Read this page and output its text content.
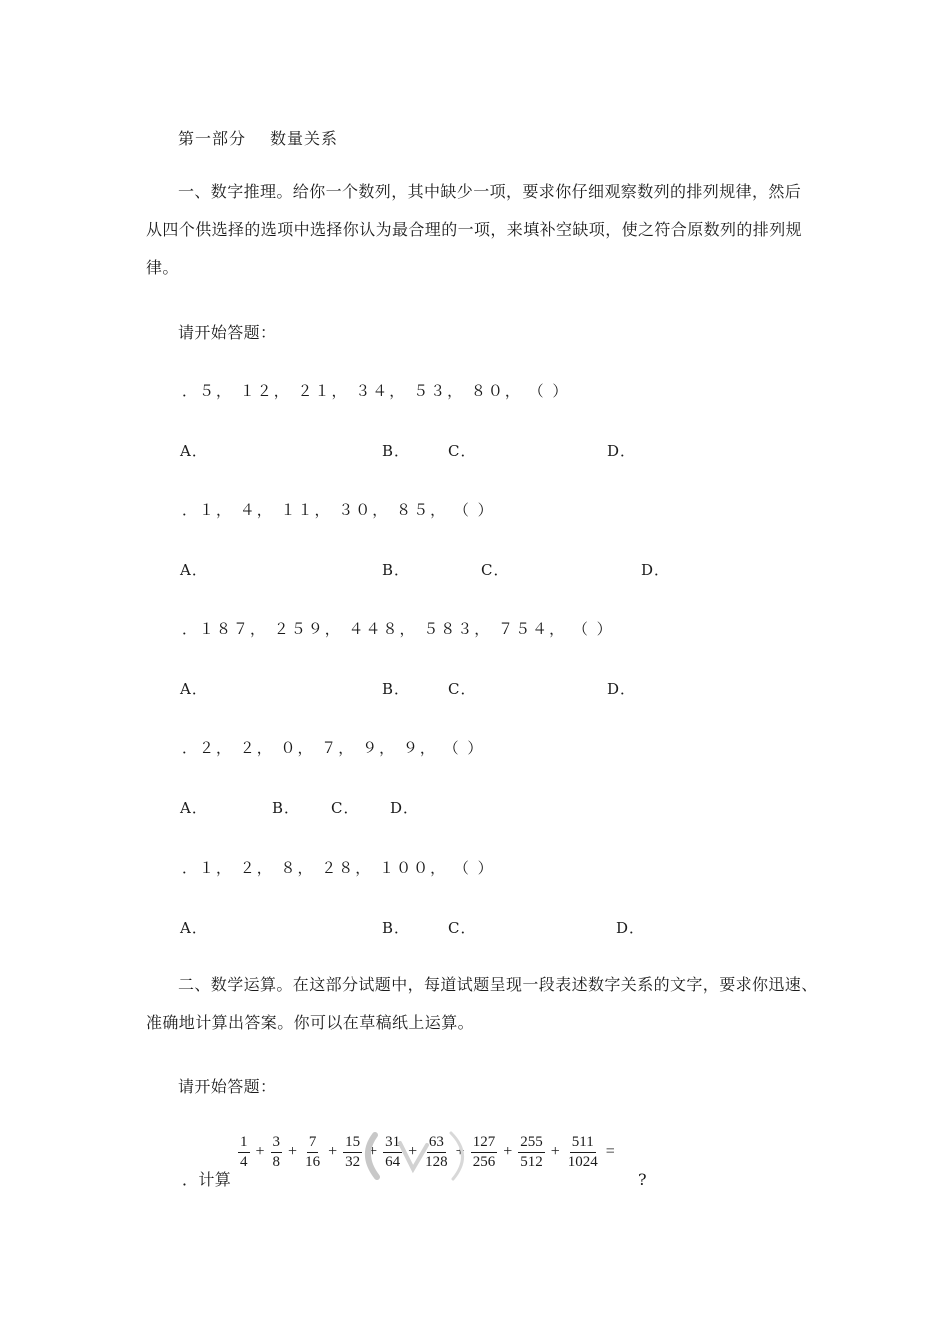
第一部分 数量关系
一、数字推理。给你一个数列，其中缺少一项，要求你仔细观察数列的排列规律，然后
从四个供选择的选项中选择你认为最合理的一项，来填补空缺项，使之符合原数列的排列规
律。
请开始答题：
．５， １２， ２１， ３４， ５３， ８０， （ ）
A．	B．	C．	D．
．１， ４， １１， ３０， ８５， （ ）
A．	B．	C．	D．
．１８７， ２５９， ４４８， ５８３， ７５４， （ ）
A．	B．	C．	D．
．２， ２， ０， ７， ９， ９， （ ）
A．	B． C． D．
．１， ２， ８， ２８， １００， （ ）
A．	B．	C．	D．
二、数学运算。在这部分试题中，每道试题呈现一段表述数字关系的文字，要求你迅速、
准确地计算出答案。你可以在草稿纸上运算。
请开始答题：
．计算
$\frac{1}{4} + \frac{3}{8} + \frac{7}{16} + \frac{15}{32} + \frac{31}{64} + \frac{63}{128} + \frac{127}{256} + \frac{255}{512} + \frac{511}{1024}$ =
?
